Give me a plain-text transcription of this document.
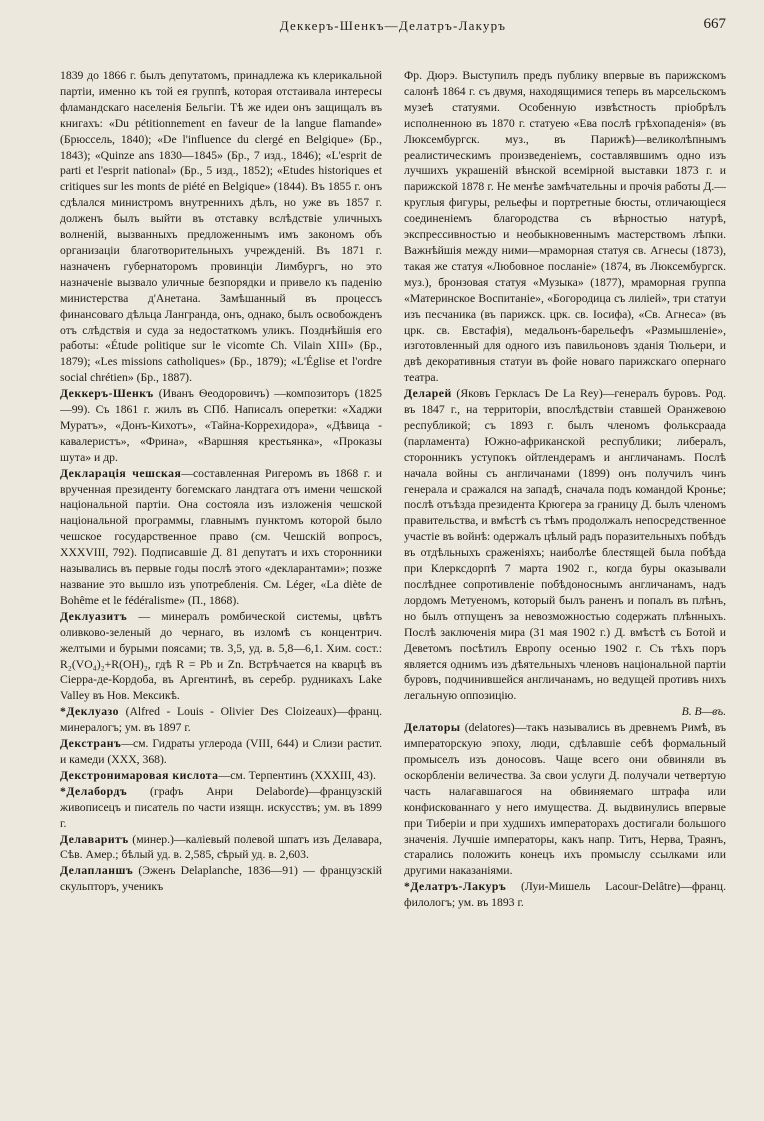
Деккеръ-Шенкъ—Делатръ-Лакуръ	667

1839 до 1866 г. былъ депутатомъ, принадлежа къ клерикальной партіи, именно къ той ея группѣ, которая отстаивала интересы фламандскаго населенія Бельгіи. Тѣ же идеи онъ защищалъ въ книгахъ: «Du pétitionnement en faveur de la langue flamande» (Брюссель, 1840); «De l'influence du clergé en Belgique» (Бр., 1843); «Quinze ans 1830—1845» (Бр., 7 изд., 1846); «L'esprit de parti et l'esprit national» (Бр., 5 изд., 1852); «Etudes historiques et critiques sur les monts de piété en Belgique» (1844). Въ 1855 г. онъ сдѣлался министромъ внутреннихъ дѣлъ, но уже въ 1857 г. долженъ былъ выйти въ отставку вслѣдствіе уличныхъ волненій, вызванныхъ предложеннымъ имъ закономъ объ организаціи благотворительныхъ учрежденій. Въ 1871 г. назначенъ губернаторомъ провинціи Лимбургъ, но это назначеніе вызвало уличные безпорядки и привело къ паденію министерства д'Анетана. Замѣшанный въ процессъ финансоваго дѣльца Лангранда, онъ, однако, былъ освобожденъ отъ слѣдствія и суда за недостаткомъ уликъ. Позднѣйшія его работы: «Étude politique sur le vicomte Ch. Vilain XIII» (Бр., 1879); «Les missions catholiques» (Бр., 1879); «L'Église et l'ordre social chrétien» (Бр., 1887).

Деккеръ-Шенкъ (Иванъ Ѳеодоровичъ) —композиторъ (1825—99). Съ 1861 г. жилъ въ СПб. Написалъ оперетки: «Хаджи Муратъ», «Донъ-Кихотъ», «Тайна-Коррехидора», «Дѣвица - кавалеристъ», «Фрина», «Варшняя крестьянка», «Проказы шута» и др.

Декларація чешская—составленная Ригеромъ въ 1868 г. и врученная президенту богемскаго ландтага отъ имени чешской національной партіи. Она состояла изъ изложенія чешской національной программы, главнымъ пунктомъ которой было чешское государственное право (см. Чешскій вопросъ, XXXVIII, 792). Подписавшіе Д. 81 депутатъ и ихъ сторонники назывались въ первые годы послѣ этого «декларантами»; позже название это вышло изъ употребленія. См. Léger, «La diète de Bohême et le fédéralisme» (П., 1868).

Деклуазитъ — минералъ ромбической системы, цвѣтъ оливково-зеленый до чернаго, въ изломѣ съ концентрич. желтыми и бурыми поясами; тв. 3,5, уд. в. 5,8—6,1. Хим. сост.: R₂(VO₄)₂+R(OH)₂, гдѣ R = Pb и Zn. Встрѣчается на кварцѣ въ Сіерра-де-Кордоба, въ Аргентинѣ, въ серебр. рудникахъ Lake Valley въ Нов. Мексикѣ.

*Деклуазо (Alfred - Louis - Olivier Des Cloizeaux)—франц. минералогъ; ум. въ 1897 г.

Декстранъ—см. Гидраты углерода (VIII, 644) и Слизи растит. и камеди (XXX, 368).

Декстронимаровая кислота—см. Терпентинъ (XXXIII, 43).

*Делабордъ (графъ Анри Delaborde)—французскій живописецъ и писатель по части изящн. искусствъ; ум. въ 1899 г.

Делаваритъ (минер.)—каліевый полевой шпатъ изъ Делавара, Сѣв. Амер.; бѣлый уд. в. 2,585, сѣрый уд. в. 2,603.

Делапланшъ (Эженъ Delaplanche, 1836—91) — французскій скульпторъ, ученикъ

Фр. Дюрэ. Выступилъ предъ публику впервые въ парижскомъ салонѣ 1864 г. съ двумя, находящимися теперь въ марсельскомъ музеѣ статуями. Особенную извѣстность пріобрѣлъ исполненною въ 1870 г. статуею «Ева послѣ грѣхопаденія» (въ Люксембургск. муз., въ Парижѣ)—великолѣпнымъ реалистическимъ произведеніемъ, составлявшимъ одно изъ лучшихъ украшеній вѣнской всемірной выставки 1873 г. и парижской 1878 г. Не менѣе замѣчательны и прочія работы Д.—круглыя фигуры, рельефы и портретные бюсты, отличающіеся соединеніемъ благородства съ вѣрностью натурѣ, экспрессивностью и необыкновеннымъ мастерствомъ лѣпки. Важнѣйшія между ними—мраморная статуя св. Агнесы (1873), такая же статуя «Любовное посланіе» (1874, въ Люксембургск. муз.), бронзовая статуя «Музыка» (1877), мраморная группа «Материнское Воспитаніе», «Богородица съ лиліей», три статуи изъ песчаника (въ парижск. црк. св. Іосифа), «Св. Агнеса» (въ црк. св. Евстафія), медальонъ-барельефъ «Размышленіе», изготовленный для одного изъ павильоновъ зданія Тюльери, и двѣ декоративныя статуи въ фойе новаго парижскаго опернаго театра.

Деларей (Яковъ Геркласъ De La Rey)—генералъ буровъ. Род. въ 1847 г., на территоріи, впослѣдствіи ставшей Оранжевою республикой; съ 1893 г. былъ членомъ фольксраада (парламента) Южно-африканской республики; либералъ, сторонникъ уступокъ ойтлендерамъ и англичанамъ. Послѣ начала войны съ англичанами (1899) онъ получилъ чинъ генерала и сражался на западѣ, сначала подъ командой Кронье; послѣ отъѣзда президента Крюгера за границу Д. былъ членомъ правительства, и вмѣстѣ съ тѣмъ продолжалъ непосредственное участіе въ войнѣ: одержалъ цѣлый радъ поразительныхъ побѣдъ въ отдѣльныхъ сраженіяхъ; наиболѣе блестящей была побѣда при Клерксдорпѣ 7 марта 1902 г., когда буры оказывали послѣднее сопротивленіе побѣдоноснымъ англичанамъ, надъ лордомъ Метуеномъ, который былъ раненъ и попалъ въ плѣнъ, но былъ отпущенъ за невозможностью содержать плѣнныхъ. Послѣ заключенія мира (31 мая 1902 г.) Д. вмѣстѣ съ Ботой и Деветомъ посѣтилъ Европу осенью 1902 г. Съ тѣхъ поръ является однимъ изъ дѣятельныхъ членовъ національной партіи буровъ, подчинившейся англичанамъ, но ведущей противъ нихъ легальную оппозицію.
В. В—въ.

Делаторы (delatores)—такъ назывались въ древнемъ Римѣ, въ императорскую эпоху, люди, сдѣлавшіе себѣ формальный промыселъ изъ доносовъ. Чаще всего они обвиняли въ оскорбленіи величества. За свои услуги Д. получали четвертую часть налагавшагося на обвиняемаго штрафа или конфискованнаго у него имущества. Д. выдвинулись впервые при Тиберіи и при худшихъ императорахъ достигали большого значенія. Лучшіе императоры, какъ напр. Титъ, Нерва, Траянъ, старались положить конецъ ихъ промыслу ссылками или другими наказаніями.

*Делатръ-Лакуръ (Луи-Мишель Lacour-Delâtre)—франц. филологъ; ум. въ 1893 г.
